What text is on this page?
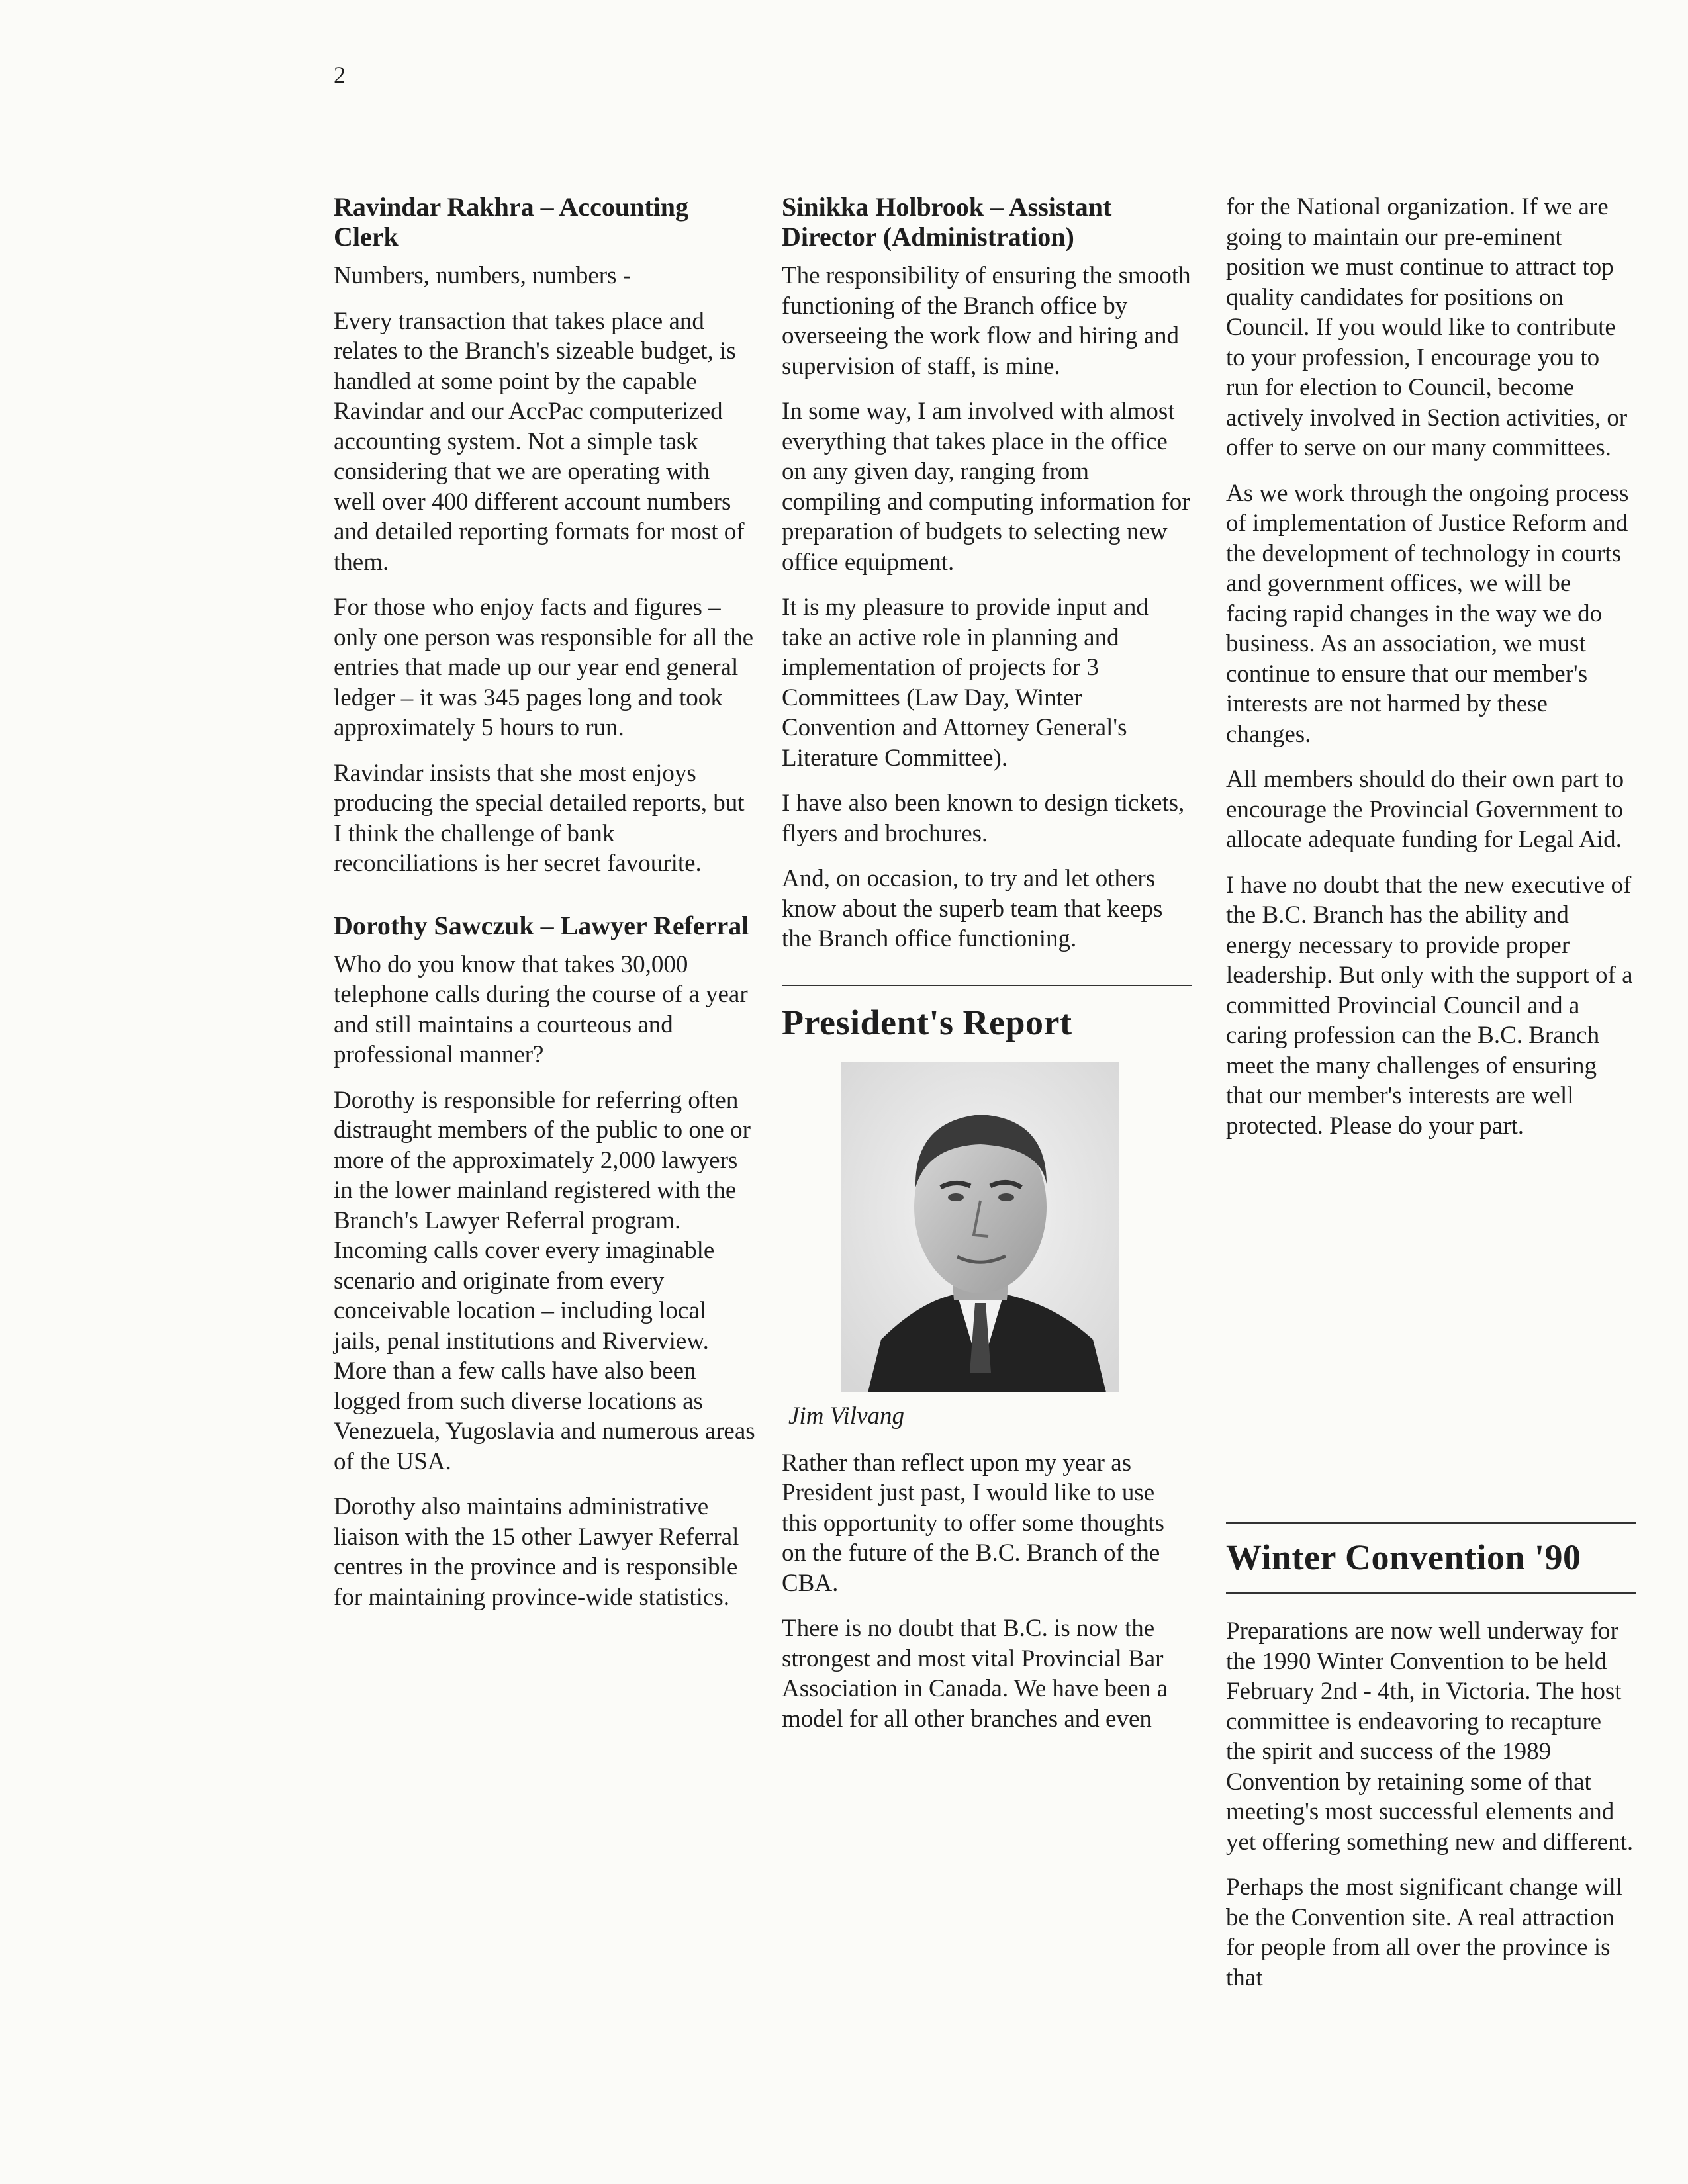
2
Ravindar Rakhra – Accounting Clerk

Numbers, numbers, numbers -

Every transaction that takes place and relates to the Branch's sizeable budget, is handled at some point by the capable Ravindar and our AccPac computerized accounting system. Not a simple task considering that we are operating with well over 400 different account numbers and detailed reporting formats for most of them.

For those who enjoy facts and figures – only one person was responsible for all the entries that made up our year end general ledger – it was 345 pages long and took approximately 5 hours to run.

Ravindar insists that she most enjoys producing the special detailed reports, but I think the challenge of bank reconciliations is her secret favourite.

Dorothy Sawczuk – Lawyer Referral

Who do you know that takes 30,000 telephone calls during the course of a year and still maintains a courteous and professional manner?

Dorothy is responsible for referring often distraught members of the public to one or more of the approximately 2,000 lawyers in the lower mainland registered with the Branch's Lawyer Referral program. Incoming calls cover every imaginable scenario and originate from every conceivable location – including local jails, penal institutions and Riverview. More than a few calls have also been logged from such diverse locations as Venezuela, Yugoslavia and numerous areas of the USA.

Dorothy also maintains administrative liaison with the 15 other Lawyer Referral centres in the province and is responsible for maintaining province-wide statistics.

Sinikka Holbrook – Assistant Director (Administration)

The responsibility of ensuring the smooth functioning of the Branch office by overseeing the work flow and hiring and supervision of staff, is mine.

In some way, I am involved with almost everything that takes place in the office on any given day, ranging from compiling and computing information for preparation of budgets to selecting new office equipment.

It is my pleasure to provide input and take an active role in planning and implementation of projects for 3 Committees (Law Day, Winter Convention and Attorney General's Literature Committee).

I have also been known to design tickets, flyers and brochures.

And, on occasion, to try and let others know about the superb team that keeps the Branch office functioning.

President's Report
Jim Vilvang

Rather than reflect upon my year as President just past, I would like to use this opportunity to offer some thoughts on the future of the B.C. Branch of the CBA.

There is no doubt that B.C. is now the strongest and most vital Provincial Bar Association in Canada. We have been a model for all other branches and even

for the National organization. If we are going to maintain our pre-eminent position we must continue to attract top quality candidates for positions on Council. If you would like to contribute to your profession, I encourage you to run for election to Council, become actively involved in Section activities, or offer to serve on our many committees.

As we work through the ongoing process of implementation of Justice Reform and the development of technology in courts and government offices, we will be facing rapid changes in the way we do business. As an association, we must continue to ensure that our member's interests are not harmed by these changes.

All members should do their own part to encourage the Provincial Government to allocate adequate funding for Legal Aid.

I have no doubt that the new executive of the B.C. Branch has the ability and energy necessary to provide proper leadership. But only with the support of a committed Provincial Council and a caring profession can the B.C. Branch meet the many challenges of ensuring that our member's interests are well protected. Please do your part.

Winter Convention '90

Preparations are now well underway for the 1990 Winter Convention to be held February 2nd - 4th, in Victoria. The host committee is endeavoring to recapture the spirit and success of the 1989 Convention by retaining some of that meeting's most successful elements and yet offering something new and different.

Perhaps the most significant change will be the Convention site. A real attraction for people from all over the province is that
